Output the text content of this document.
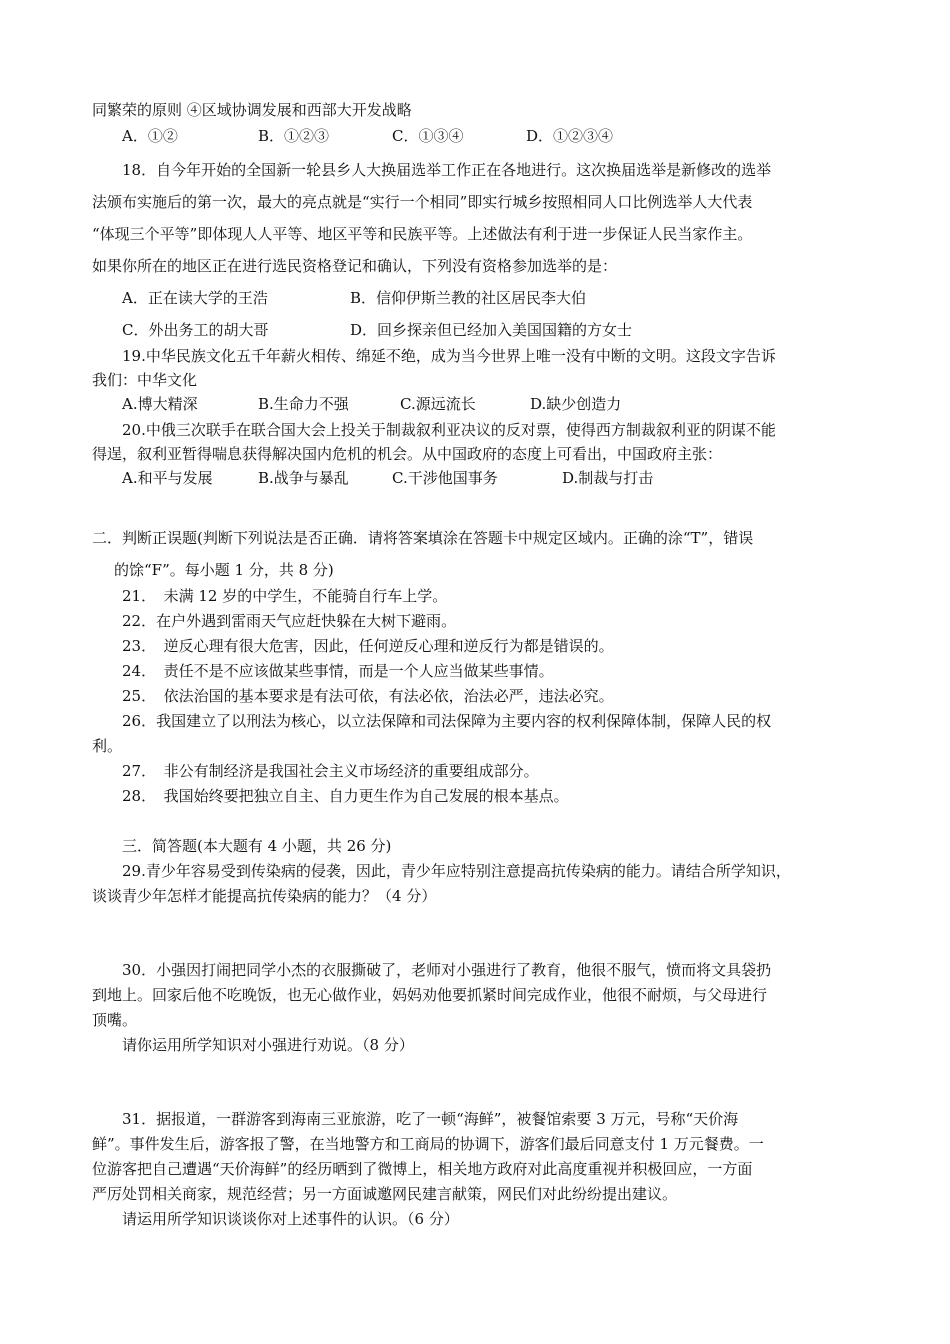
同繁荣的原则 ④区域协调发展和西部大开发战略
A．①②	B．①②③	C．①③④	D．①②③④
18．自今年开始的全国新一轮县乡人大换届选举工作正在各地进行。这次换届选举是新修改的选举
法颁布实施后的第一次，最大的亮点就是“实行一个相同”即实行城乡按照相同人口比例选举人大代表
“体现三个平等”即体现人人平等、地区平等和民族平等。上述做法有利于进一步保证人民当家作主。
如果你所在的地区正在进行选民资格登记和确认，下列没有资格参加选举的是：
A．正在读大学的王浩	B．信仰伊斯兰教的社区居民李大伯
C．外出务工的胡大哥	D．回乡探亲但已经加入美国国籍的方女士
19.中华民族文化五千年薪火相传、绵延不绝，成为当今世界上唯一没有中断的文明。这段文字告诉
我们：中华文化
A.博大精深	B.生命力不强	C.源远流长	D.缺少创造力
20.中俄三次联手在联合国大会上投关于制裁叙利亚决议的反对票，使得西方制裁叙利亚的阴谋不能
得逞，叙利亚暂得喘息获得解决国内危机的机会。从中国政府的态度上可看出，中国政府主张：
A.和平与发展	B.战争与暴乱	C.干涉他国事务	D.制裁与打击
二．判断正误题(判断下列说法是否正确．请将答案填涂在答题卡中规定区域内。正确的涂“T”，错误
的馀“F”。每小题 1 分，共 8 分)
21．　未满 12 岁的中学生，不能骑自行车上学。
22．在户外遇到雷雨天气应赶快躲在大树下避雨。
23．　逆反心理有很大危害，因此，任何逆反心理和逆反行为都是错误的。
24．　责任不是不应该做某些事情，而是一个人应当做某些事情。
25．　依法治国的基本要求是有法可依，有法必依，治法必严，违法必究。
26．我国建立了以刑法为核心，以立法保障和司法保障为主要内容的权利保障体制，保障人民的权
利。
27．　非公有制经济是我国社会主义市场经济的重要组成部分。
28．　我国始终要把独立自主、自力更生作为自己发展的根本基点。
三．简答题(本大题有 4 小题，共 26 分)
29.青少年容易受到传染病的侵袭，因此，青少年应特别注意提高抗传染病的能力。请结合所学知识，
谈谈青少年怎样才能提高抗传染病的能力？（4 分）
30．小强因打闹把同学小杰的衣服撕破了，老师对小强进行了教育，他很不服气，愤而将文具袋扔
到地上。回家后他不吃晚饭，也无心做作业，妈妈劝他要抓紧时间完成作业，他很不耐烦，与父母进行
顶嘴。
请你运用所学知识对小强进行劝说。（8 分）
31．据报道，一群游客到海南三亚旅游，吃了一顿“海鲜”，被餐馆索要 3 万元，号称“天价海
鲜”。事件发生后，游客报了警，在当地警方和工商局的协调下，游客们最后同意支付 1 万元餐费。一
位游客把自己遭遇“天价海鲜”的经历晒到了微博上，相关地方政府对此高度重视并积极回应，一方面
严厉处罚相关商家，规范经营；另一方面诚邀网民建言献策，网民们对此纷纷提出建议。
请运用所学知识谈谈你对上述事件的认识。（6 分）
